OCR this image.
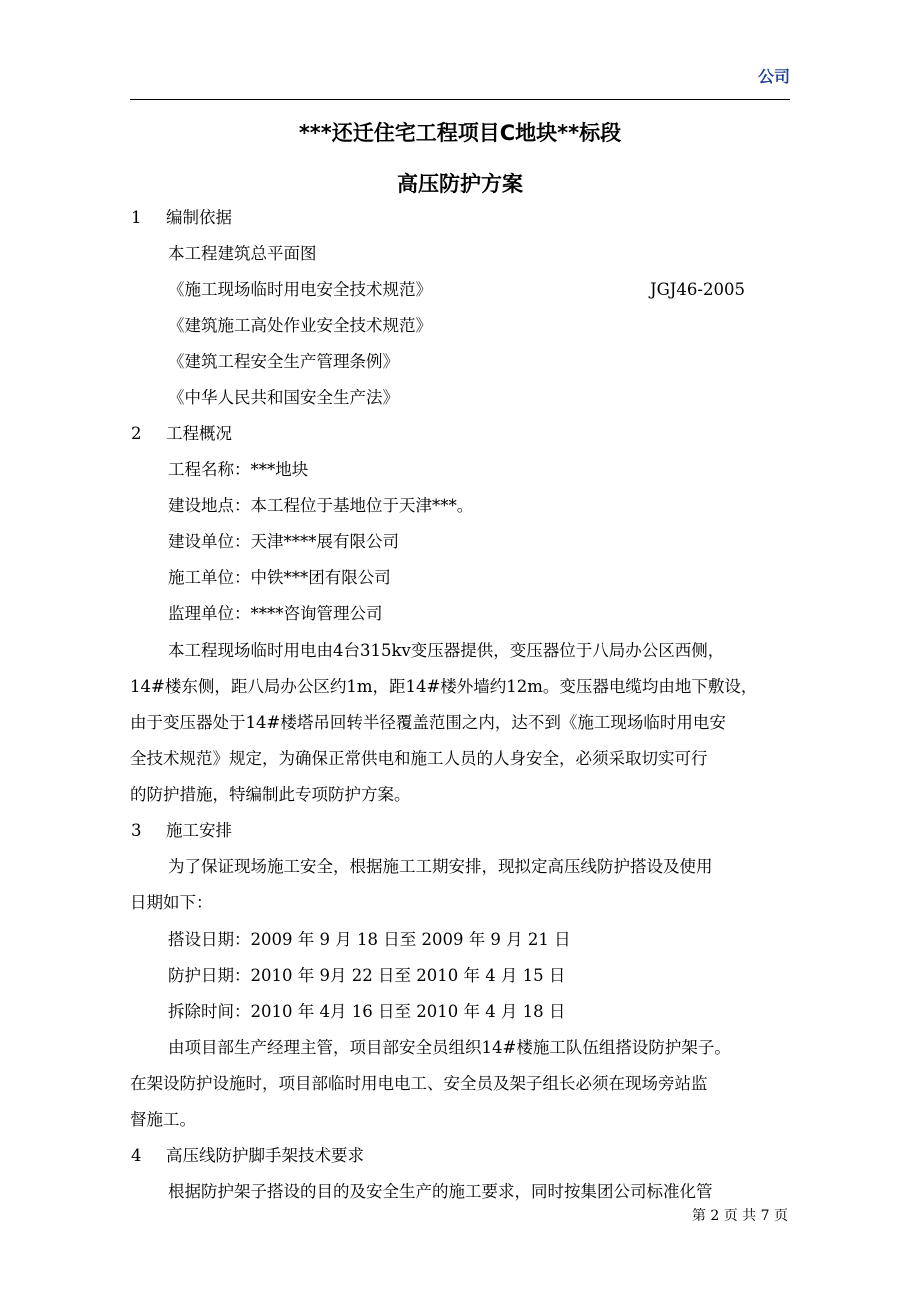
公司
***还迁住宅工程项目C地块**标段
高压防护方案
1 编制依据
本工程建筑总平面图
《施工现场临时用电安全技术规范》	JGJ46-2005
《建筑施工高处作业安全技术规范》
《建筑工程安全生产管理条例》
《中华人民共和国安全生产法》
2 工程概况
工程名称：***地块
建设地点：本工程位于基地位于天津***。
建设单位：天津****展有限公司
施工单位：中铁***团有限公司
监理单位：****咨询管理公司
本工程现场临时用电由4台315kv变压器提供，变压器位于八局办公区西侧，
14#楼东侧，距八局办公区约1m，距14#楼外墙约12m。变压器电缆均由地下敷设，
由于变压器处于14#楼塔吊回转半径覆盖范围之内，达不到《施工现场临时用电安
全技术规范》规定，为确保正常供电和施工人员的人身安全，必须采取切实可行
的防护措施，特编制此专项防护方案。
3 施工安排
为了保证现场施工安全，根据施工工期安排，现拟定高压线防护搭设及使用
日期如下：
搭设日期：2009 年 9 月 18 日至 2009 年 9 月 21 日
防护日期：2010 年 9月 22 日至 2010 年 4 月 15 日
拆除时间：2010 年 4月 16 日至 2010 年 4 月 18 日
由项目部生产经理主管，项目部安全员组织14#楼施工队伍组搭设防护架子。
在架设防护设施时，项目部临时用电电工、安全员及架子组长必须在现场旁站监
督施工。
4 高压线防护脚手架技术要求
根据防护架子搭设的目的及安全生产的施工要求，同时按集团公司标准化管
第 2 页 共 7 页
